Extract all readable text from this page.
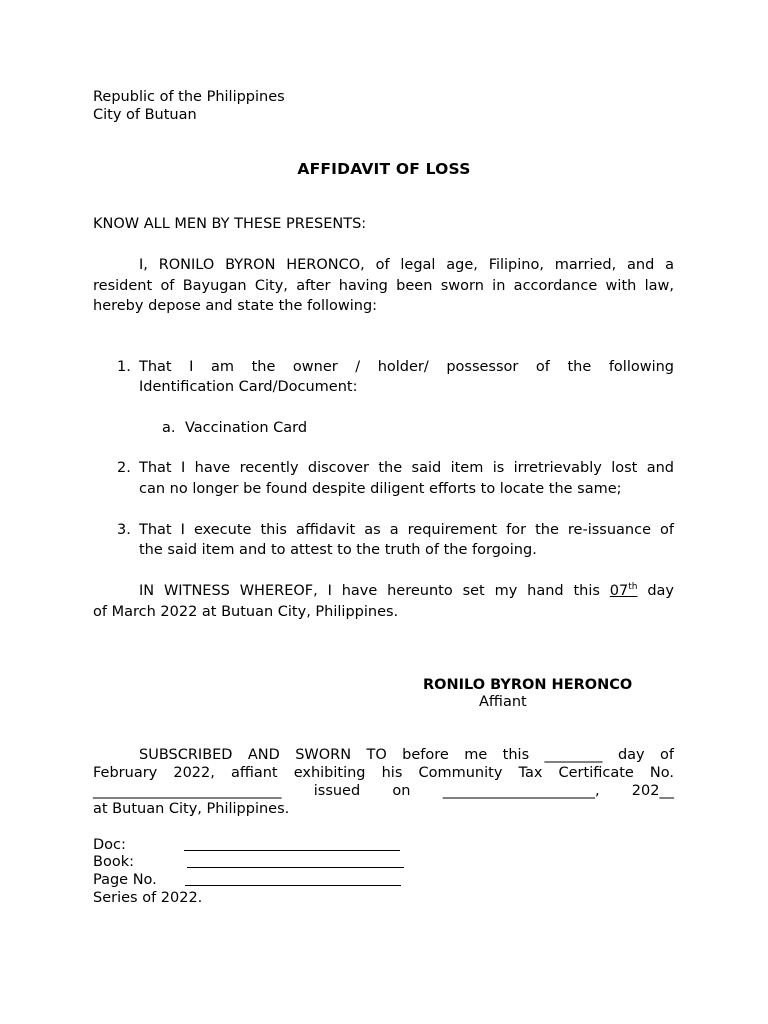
Republic of the Philippines
City of Butuan
AFFIDAVIT OF LOSS
KNOW ALL MEN BY THESE PRESENTS:
I, RONILO BYRON HERONCO, of legal age, Filipino, married, and a
resident of Bayugan City, after having been sworn in accordance with law,
hereby depose and state the following:
1. That I am the owner / holder/ possessor of the following
Identification Card/Document:
a. Vaccination Card
2. That I have recently discover the said item is irretrievably lost and
can no longer be found despite diligent efforts to locate the same;
3. That I execute this affidavit as a requirement for the re-issuance of
the said item and to attest to the truth of the forgoing.
IN WITNESS WHEREOF, I have hereunto set my hand this 07th day
of March 2022 at Butuan City, Philippines.
RONILO BYRON HERONCO
Affiant
SUBSCRIBED AND SWORN TO before me this ________ day of
February 2022, affiant exhibiting his Community Tax Certificate No.
__________________________ issued on _____________________, 202__
at Butuan City, Philippines.
Doc:
Book:
Page No.
Series of 2022.
